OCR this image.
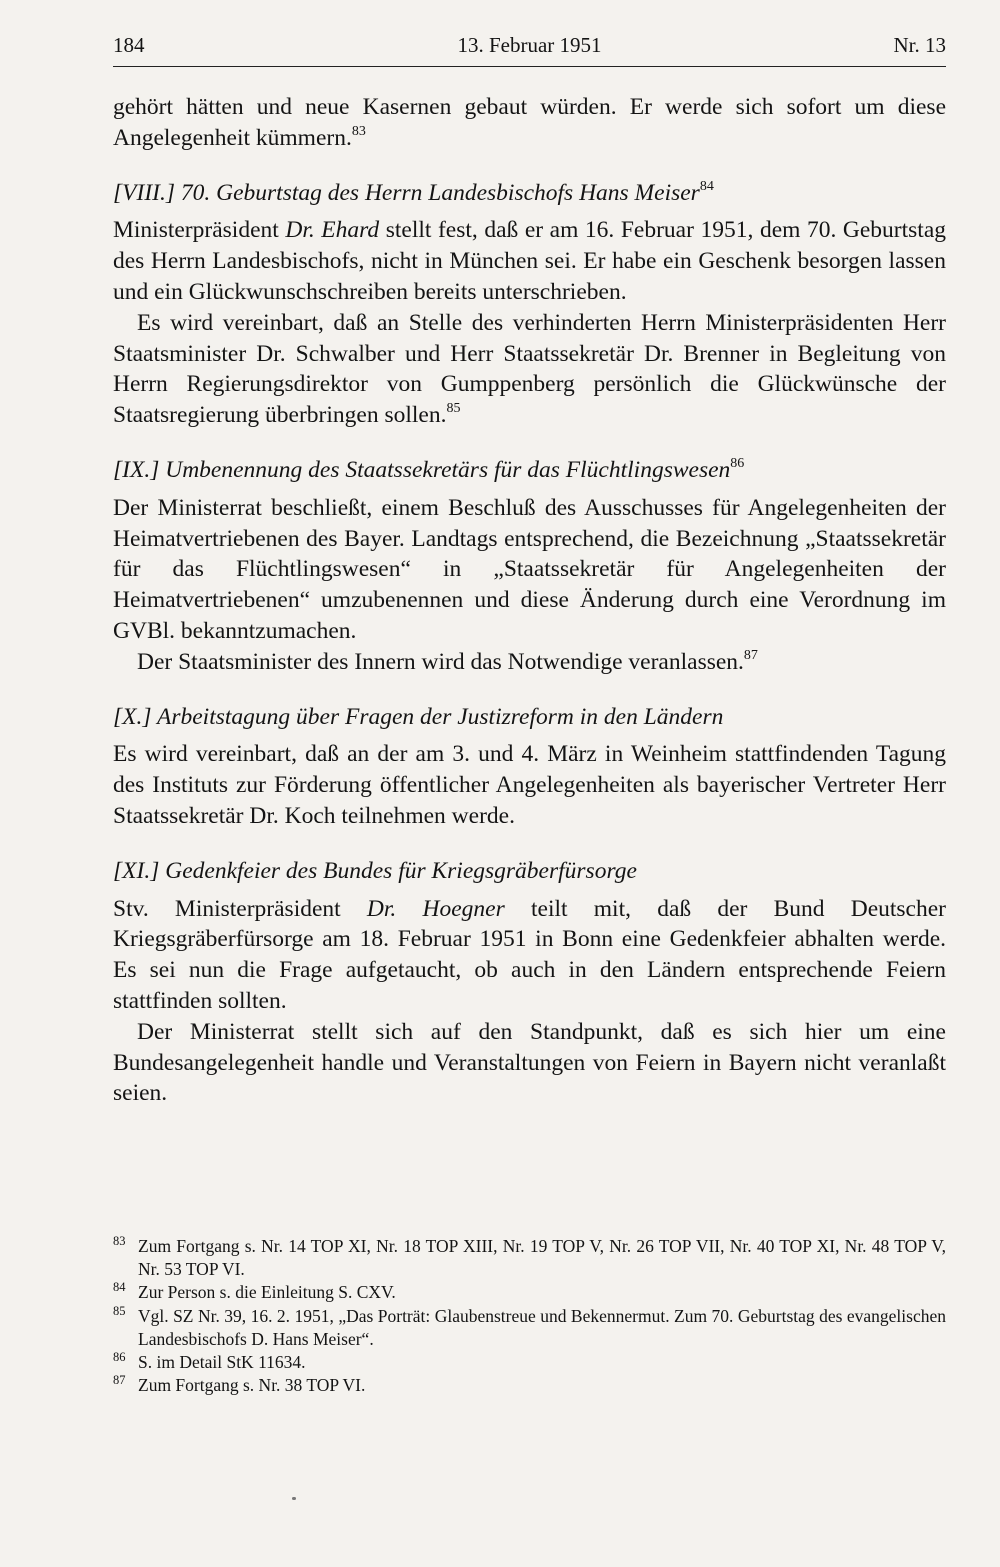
184	13. Februar 1951	Nr. 13

gehört hätten und neue Kasernen gebaut würden. Er werde sich sofort um diese Angelegenheit kümmern.$^{83}$

[VIII.] 70. Geburtstag des Herrn Landesbischofs Hans Meiser$^{84}$

Ministerpräsident Dr. Ehard stellt fest, daß er am 16. Februar 1951, dem 70. Geburtstag des Herrn Landesbischofs, nicht in München sei. Er habe ein Geschenk besorgen lassen und ein Glückwunschschreiben bereits unterschrieben.

Es wird vereinbart, daß an Stelle des verhinderten Herrn Ministerpräsidenten Herr Staatsminister Dr. Schwalber und Herr Staatssekretär Dr. Brenner in Begleitung von Herrn Regierungsdirektor von Gumppenberg persönlich die Glückwünsche der Staatsregierung überbringen sollen.$^{85}$

[IX.] Umbenennung des Staatssekretärs für das Flüchtlingswesen$^{86}$

Der Ministerrat beschließt, einem Beschluß des Ausschusses für Angelegenheiten der Heimatvertriebenen des Bayer. Landtags entsprechend, die Bezeichnung „Staatssekretär für das Flüchtlingswesen“ in „Staatssekretär für Angelegenheiten der Heimatvertriebenen“ umzubenennen und diese Änderung durch eine Verordnung im GVBl. bekanntzumachen.

Der Staatsminister des Innern wird das Notwendige veranlassen.$^{87}$

[X.] Arbeitstagung über Fragen der Justizreform in den Ländern

Es wird vereinbart, daß an der am 3. und 4. März in Weinheim stattfindenden Tagung des Instituts zur Förderung öffentlicher Angelegenheiten als bayerischer Vertreter Herr Staatssekretär Dr. Koch teilnehmen werde.

[XI.] Gedenkfeier des Bundes für Kriegsgräberfürsorge

Stv. Ministerpräsident Dr. Hoegner teilt mit, daß der Bund Deutscher Kriegsgräberfürsorge am 18. Februar 1951 in Bonn eine Gedenkfeier abhalten werde. Es sei nun die Frage aufgetaucht, ob auch in den Ländern entsprechende Feiern stattfinden sollten.

Der Ministerrat stellt sich auf den Standpunkt, daß es sich hier um eine Bundesangelegenheit handle und Veranstaltungen von Feiern in Bayern nicht veranlaßt seien.

83 Zum Fortgang s. Nr. 14 TOP XI, Nr. 18 TOP XIII, Nr. 19 TOP V, Nr. 26 TOP VII, Nr. 40 TOP XI, Nr. 48 TOP V, Nr. 53 TOP VI.
84 Zur Person s. die Einleitung S. CXV.
85 Vgl. SZ Nr. 39, 16. 2. 1951, „Das Porträt: Glaubenstreue und Bekennermut. Zum 70. Geburtstag des evangelischen Landesbischofs D. Hans Meiser“.
86 S. im Detail StK 11634.
87 Zum Fortgang s. Nr. 38 TOP VI.
